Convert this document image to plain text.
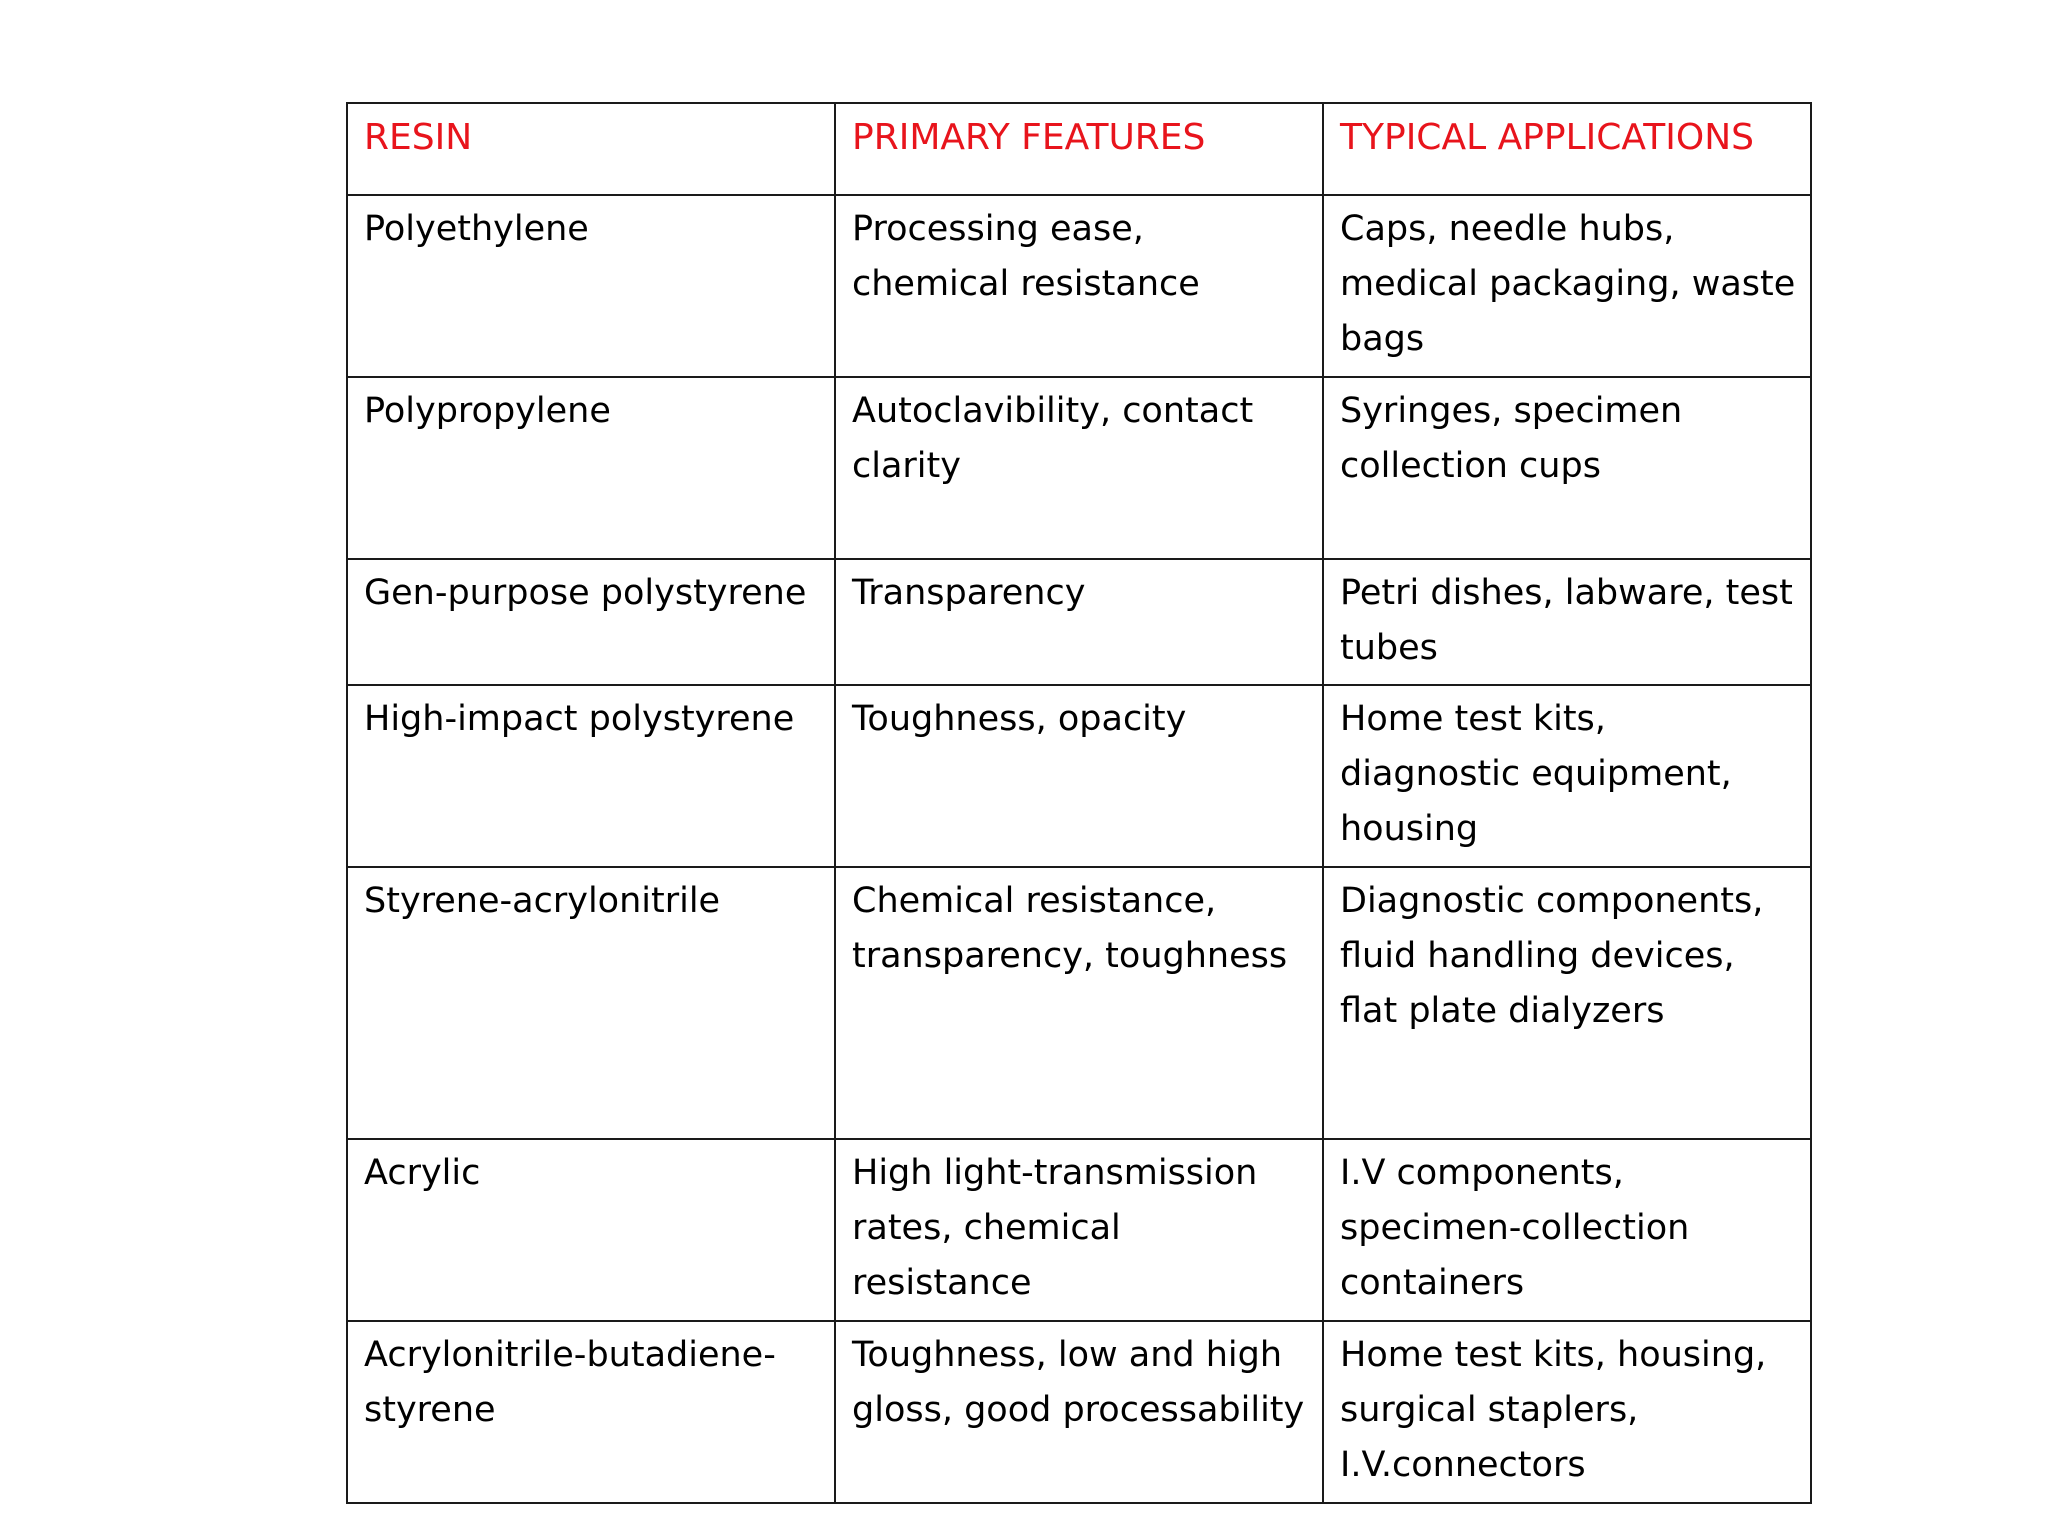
RESIN	PRIMARY FEATURES	TYPICAL APPLICATIONS
Polyethylene	Processing ease, chemical resistance	Caps, needle hubs, medical packaging, waste bags
Polypropylene	Autoclavibility, contact clarity	Syringes, specimen collection cups
Gen-purpose polystyrene	Transparency	Petri dishes, labware, test tubes
High-impact polystyrene	Toughness, opacity	Home test kits, diagnostic equipment, housing
Styrene-acrylonitrile	Chemical resistance, transparency, toughness	Diagnostic components, fluid handling devices, flat plate dialyzers
Acrylic	High light-transmission rates, chemical resistance	I.V components, specimen-collection containers
Acrylonitrile-butadiene-styrene	Toughness, low and high gloss, good processability	Home test kits, housing, surgical staplers, I.V.connectors
